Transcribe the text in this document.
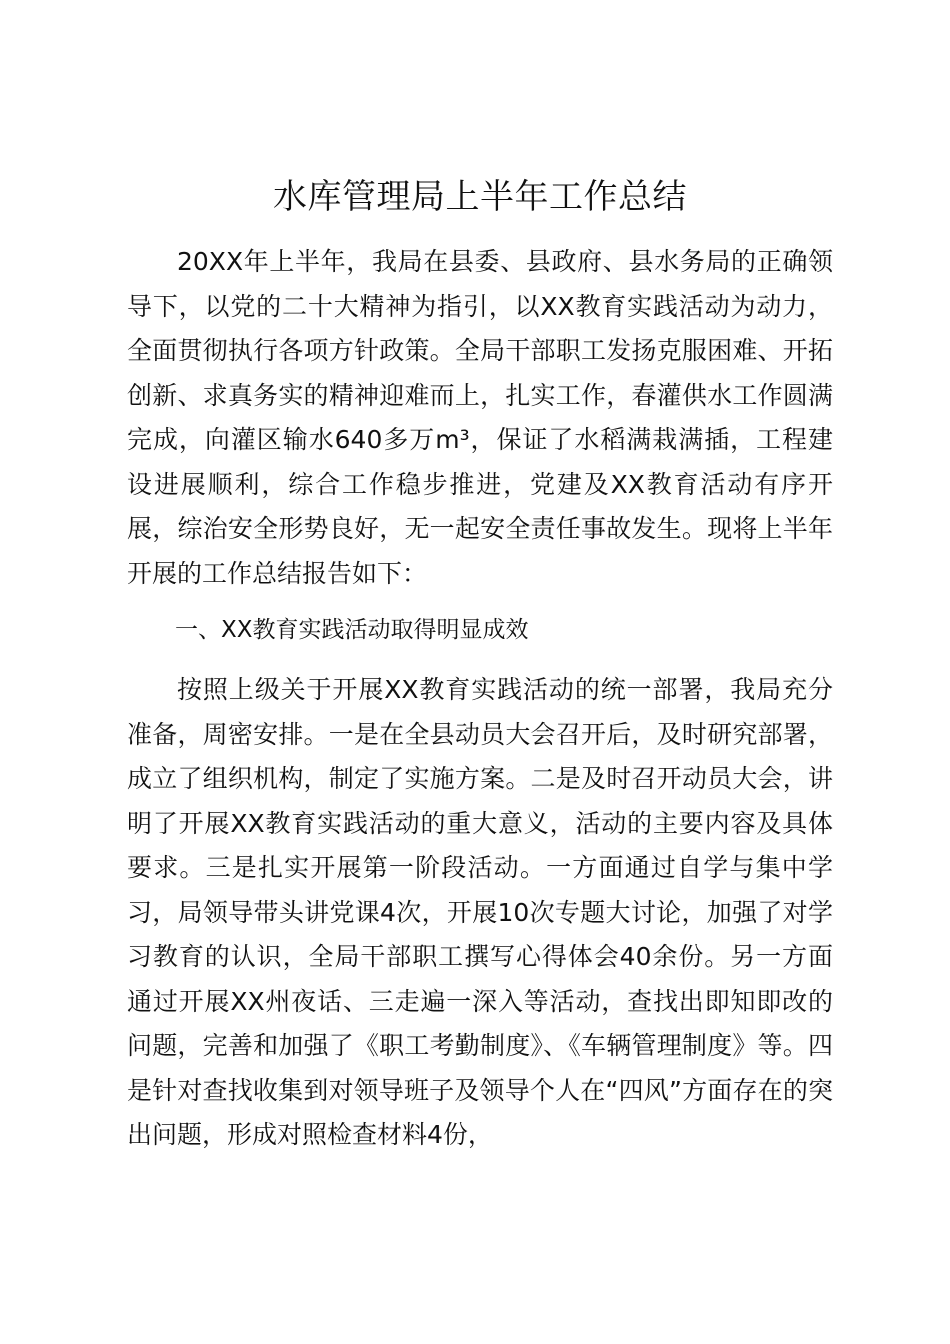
水库管理局上半年工作总结

20XX年上半年，我局在县委、县政府、县水务局的正确领导下，以党的二十大精神为指引，以XX教育实践活动为动力，全面贯彻执行各项方针政策。全局干部职工发扬克服困难、开拓创新、求真务实的精神迎难而上，扎实工作，春灌供水工作圆满完成，向灌区输水640多万m³，保证了水稻满栽满插，工程建设进展顺利，综合工作稳步推进，党建及XX教育活动有序开展，综治安全形势良好，无一起安全责任事故发生。现将上半年开展的工作总结报告如下：

一、XX教育实践活动取得明显成效

按照上级关于开展XX教育实践活动的统一部署，我局充分准备，周密安排。一是在全县动员大会召开后，及时研究部署，成立了组织机构，制定了实施方案。二是及时召开动员大会，讲明了开展XX教育实践活动的重大意义，活动的主要内容及具体要求。三是扎实开展第一阶段活动。一方面通过自学与集中学习，局领导带头讲党课4次，开展10次专题大讨论，加强了对学习教育的认识，全局干部职工撰写心得体会40余份。另一方面通过开展XX州夜话、三走遍一深入等活动，查找出即知即改的问题，完善和加强了《职工考勤制度》、《车辆管理制度》等。四是针对查找收集到对领导班子及领导个人在“四风”方面存在的突出问题，形成对照检查材料4份，
